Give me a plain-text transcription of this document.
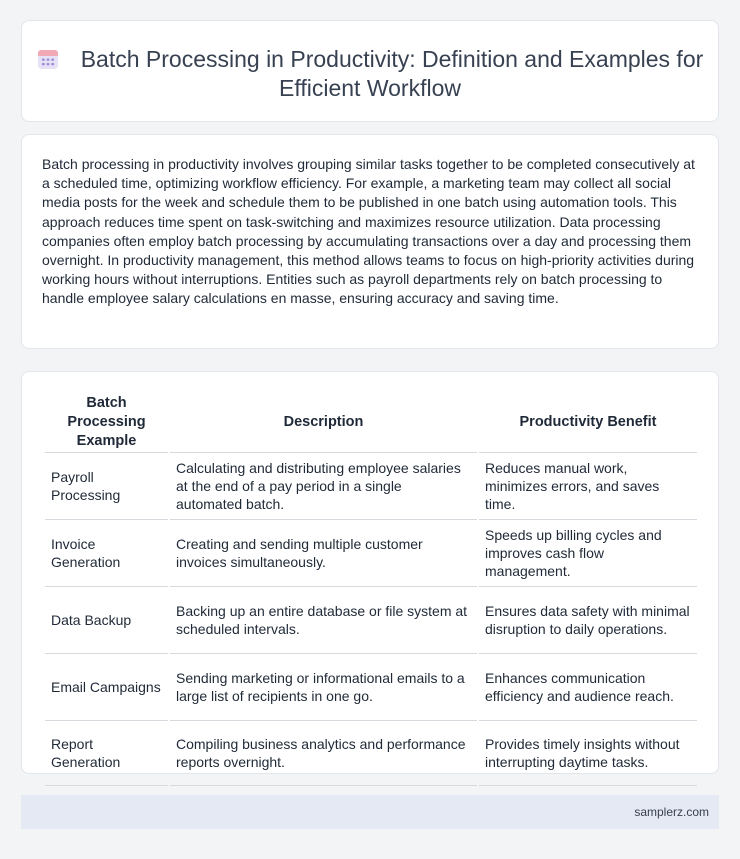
Batch Processing in Productivity: Definition and Examples for Efficient Workflow

Batch processing in productivity involves grouping similar tasks together to be completed consecutively at a scheduled time, optimizing workflow efficiency. For example, a marketing team may collect all social media posts for the week and schedule them to be published in one batch using automation tools. This approach reduces time spent on task-switching and maximizes resource utilization. Data processing companies often employ batch processing by accumulating transactions over a day and processing them overnight. In productivity management, this method allows teams to focus on high-priority activities during working hours without interruptions. Entities such as payroll departments rely on batch processing to handle employee salary calculations en masse, ensuring accuracy and saving time.

Batch Processing Example	Description	Productivity Benefit
Payroll Processing	Calculating and distributing employee salaries at the end of a pay period in a single automated batch.	Reduces manual work, minimizes errors, and saves time.
Invoice Generation	Creating and sending multiple customer invoices simultaneously.	Speeds up billing cycles and improves cash flow management.
Data Backup	Backing up an entire database or file system at scheduled intervals.	Ensures data safety with minimal disruption to daily operations.
Email Campaigns	Sending marketing or informational emails to a large list of recipients in one go.	Enhances communication efficiency and audience reach.
Report Generation	Compiling business analytics and performance reports overnight.	Provides timely insights without interrupting daytime tasks.
samplerz.com
